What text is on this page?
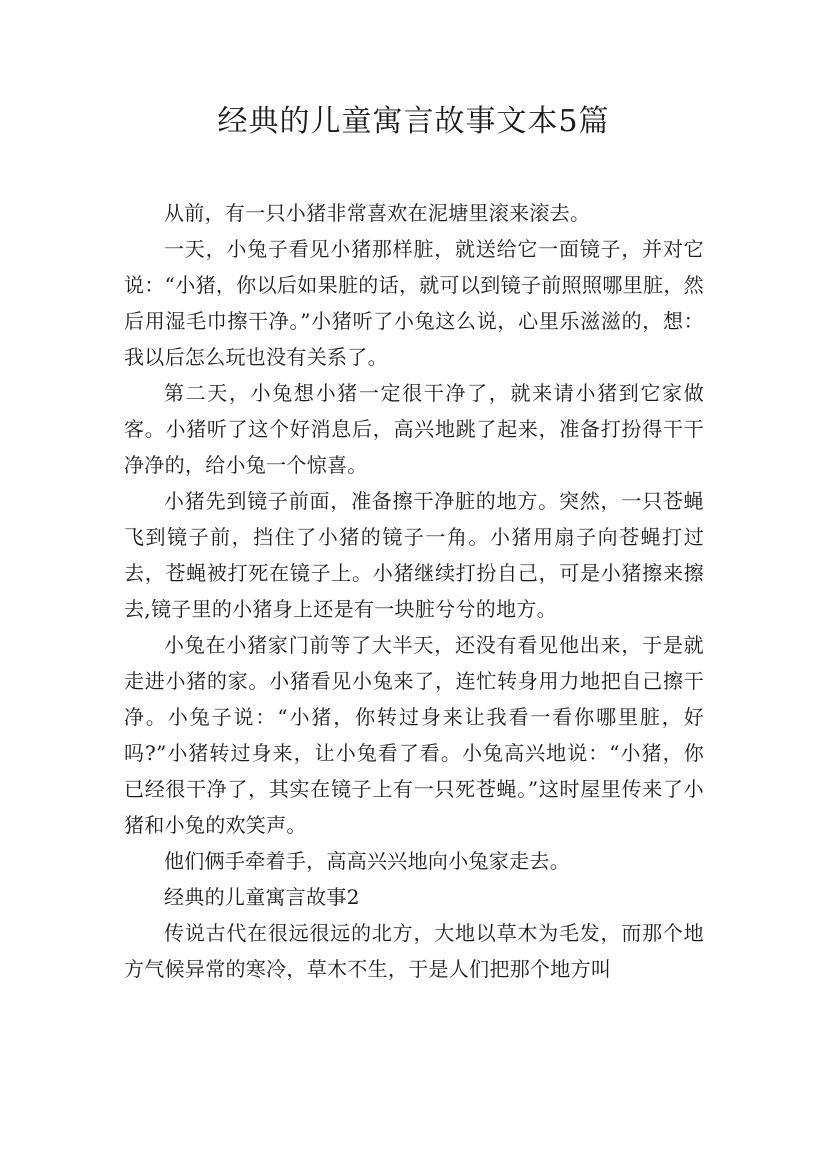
经典的儿童寓言故事文本5篇

从前，有一只小猪非常喜欢在泥塘里滚来滚去。

一天，小兔子看见小猪那样脏，就送给它一面镜子，并对它说：“小猪，你以后如果脏的话，就可以到镜子前照照哪里脏，然后用湿毛巾擦干净。”小猪听了小兔这么说，心里乐滋滋的，想：我以后怎么玩也没有关系了。

第二天，小兔想小猪一定很干净了，就来请小猪到它家做客。小猪听了这个好消息后，高兴地跳了起来，准备打扮得干干净净的，给小兔一个惊喜。

小猪先到镜子前面，准备擦干净脏的地方。突然，一只苍蝇飞到镜子前，挡住了小猪的镜子一角。小猪用扇子向苍蝇打过去，苍蝇被打死在镜子上。小猪继续打扮自己，可是小猪擦来擦去,镜子里的小猪身上还是有一块脏兮兮的地方。

小兔在小猪家门前等了大半天，还没有看见他出来，于是就走进小猪的家。小猪看见小兔来了，连忙转身用力地把自己擦干净。小兔子说：“小猪，你转过身来让我看一看你哪里脏，好吗?”小猪转过身来，让小兔看了看。小兔高兴地说：“小猪，你已经很干净了，其实在镜子上有一只死苍蝇。”这时屋里传来了小猪和小兔的欢笑声。

他们俩手牵着手，高高兴兴地向小兔家走去。

经典的儿童寓言故事2

传说古代在很远很远的北方，大地以草木为毛发，而那个地方气候异常的寒冷，草木不生，于是人们把那个地方叫
